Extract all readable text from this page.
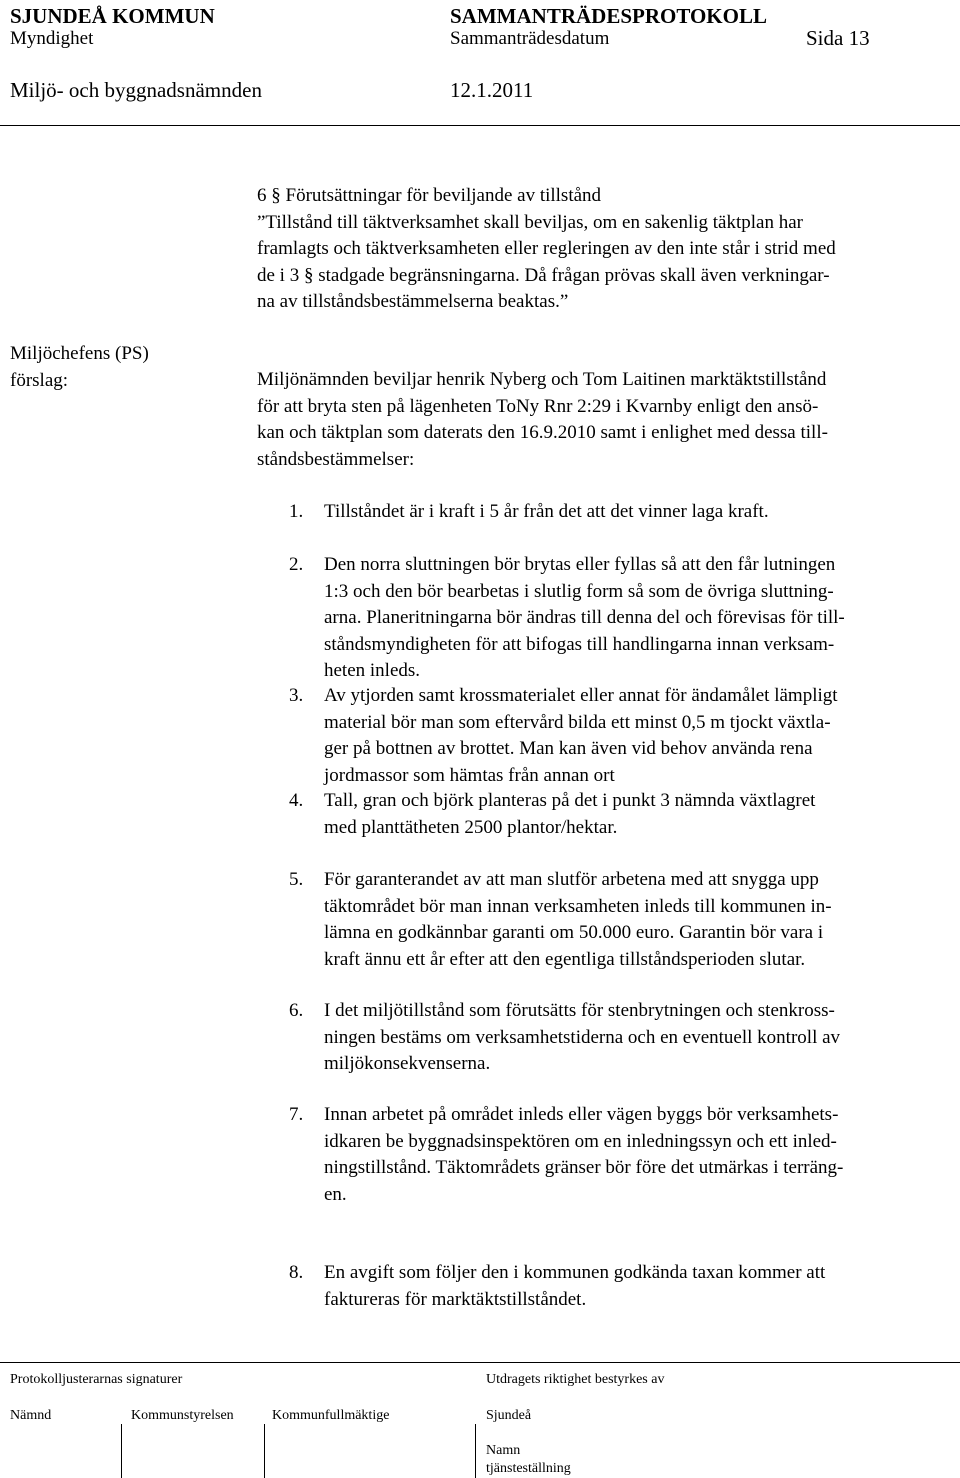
SJUNDEÅ KOMMUN	SAMMANTRÄDESPROTOKOLL
Myndighet	Sammanträdesdatum	Sida 13
Miljö- och byggnadsnämnden	12.1.2011
6 § Förutsättningar för beviljande av tillstånd
”Tillstånd till täktverksamhet skall beviljas, om en sakenlig täktplan har
framlagts och täktverksamheten eller regleringen av den inte står i strid med
de i 3 § stadgade begränsningarna. Då frågan prövas skall även verkningar-
na av tillståndsbestämmelserna beaktas.”
Miljöchefens (PS)
förslag:	Miljönämnden beviljar henrik Nyberg och Tom Laitinen marktäktstillstånd
för att bryta sten på lägenheten ToNy Rnr 2:29 i Kvarnby enligt den ansö-
kan och täktplan som daterats den 16.9.2010 samt i enlighet med dessa till-
ståndsbestämmelser:
1. Tillståndet är i kraft i 5 år från det att det vinner laga kraft.
2. Den norra sluttningen bör brytas eller fyllas så att den får lutningen
1:3 och den bör bearbetas i slutlig form så som de övriga sluttning-
arna. Planeritningarna bör ändras till denna del och förevisas för till-
ståndsmyndigheten för att bifogas till handlingarna innan verksam-
heten inleds.
3. Av ytjorden samt krossmaterialet eller annat för ändamålet lämpligt
material bör man som eftervård bilda ett minst 0,5 m tjockt växtla-
ger på bottnen av brottet. Man kan även vid behov använda rena
jordmassor som hämtas från annan ort
4. Tall, gran och björk planteras på det i punkt 3 nämnda växtlagret
med planttätheten 2500 plantor/hektar.
5. För garanterandet av att man slutför arbetena med att snygga upp
täktområdet bör man innan verksamheten inleds till kommunen in-
lämna en godkännbar garanti om 50.000 euro. Garantin bör vara i
kraft ännu ett år efter att den egentliga tillståndsperioden slutar.
6. I det miljötillstånd som förutsätts för stenbrytningen och stenkross-
ningen bestäms om verksamhetstiderna och en eventuell kontroll av
miljökonsekvenserna.
7. Innan arbetet på området inleds eller vägen byggs bör verksamhets-
idkaren be byggnadsinspektören om en inledningssyn och ett inled-
ningstillstånd. Täktområdets gränser bör före det utmärkas i terräng-
en.
8. En avgift som följer den i kommunen godkända taxan kommer att
faktureras för marktäktstillståndet.
Protokolljusterarnas signaturer	Utdragets riktighet bestyrkes av
Nämnd	Kommunstyrelsen	Kommunfullmäktige	Sjundeå
Namn
tjänsteställning
